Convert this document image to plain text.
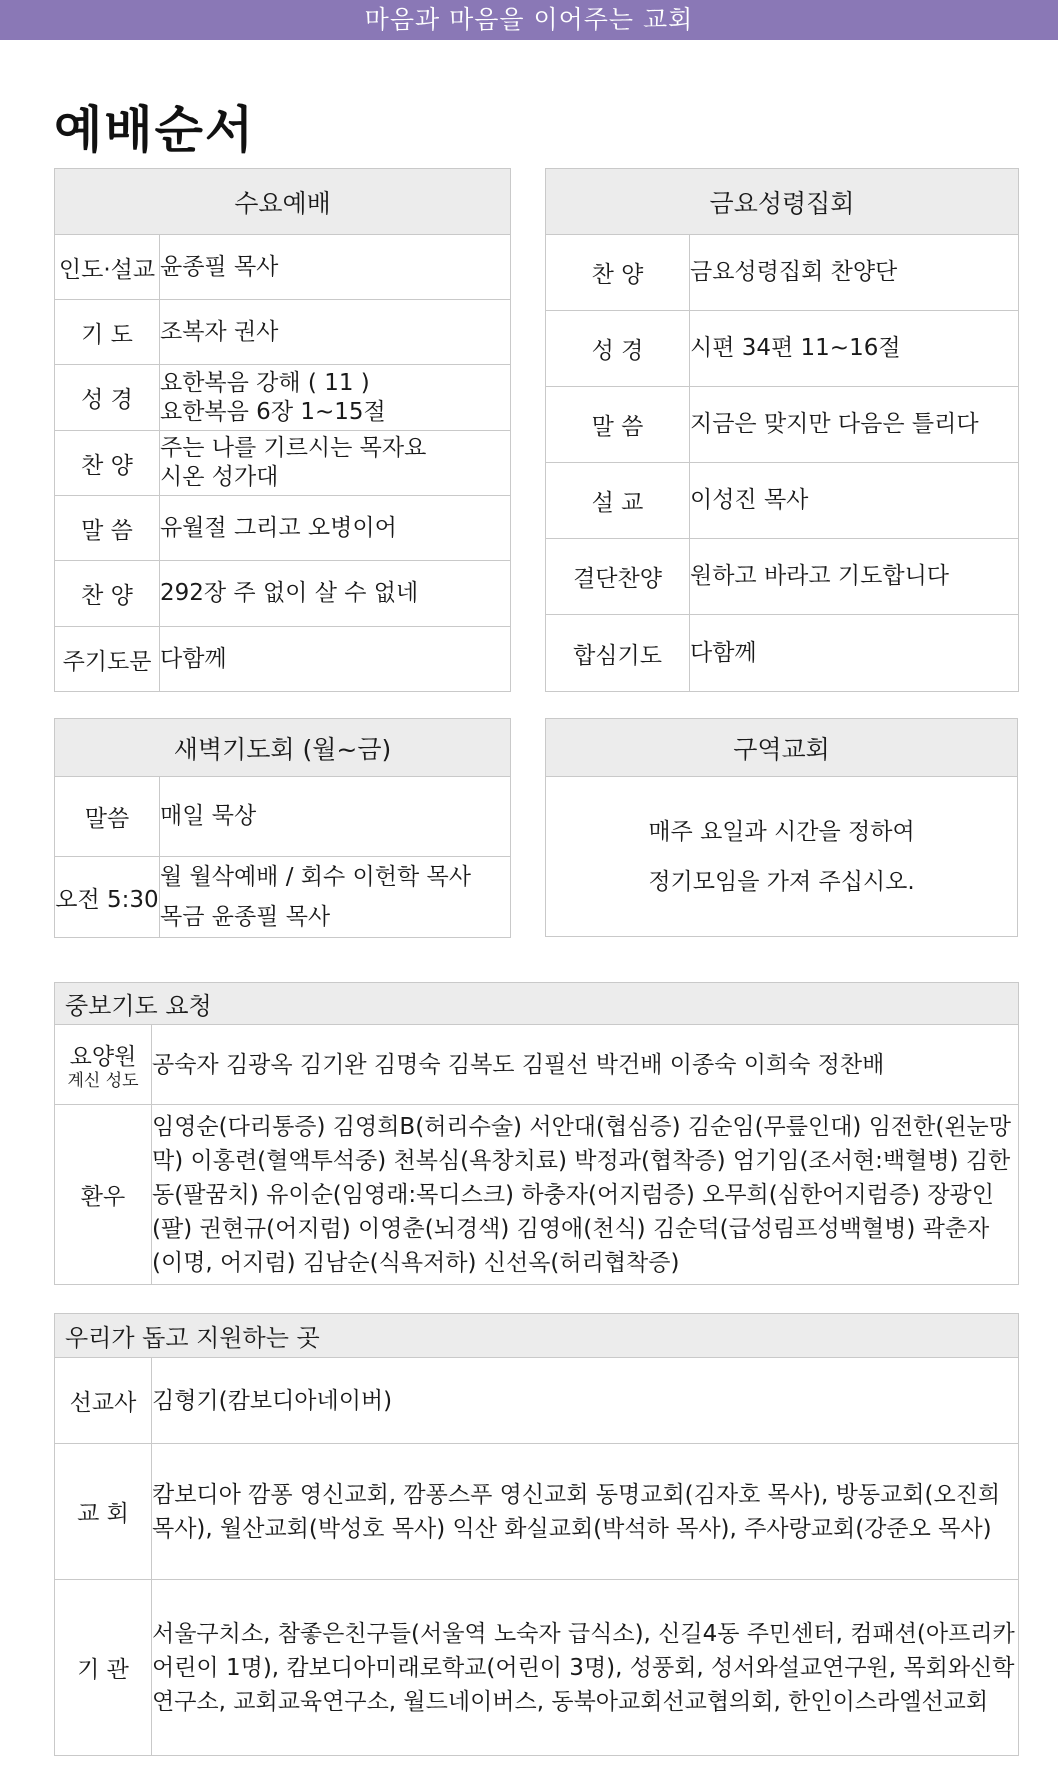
마음과 마음을 이어주는 교회
예배순서
수요예배	
인도·설교	윤종필 목사

기 도	조복자 권사

성 경	요한복음 강해 ( 11 )
요한복음 6장 1~15절

찬 양	주는 나를 기르시는 목자요
시온 성가대

말 씀	유월절 그리고 오병이어

찬 양	292장 주 없이 살 수 없네

주기도문	다함께
금요성령집회	
찬 양	금요성령집회 찬양단
성 경	시편 34편 11~16절
말 씀	지금은 맞지만 다음은 틀리다
설 교	이성진 목사
결단찬양	원하고 바라고 기도합니다
합심기도	다함께
새벽기도회 (월~금)	
말씀	매일 묵상

오전 5:30	월 월삭예배 / 회수 이헌학 목사
목금 윤종필 목사
구역교회

매주 요일과 시간을 정하여
정기모임을 가져 주십시오.
중보기도 요청	
요양원
계신 성도	공숙자 김광옥 김기완 김명숙 김복도 김필선 박건배 이종숙 이희숙 정찬배
환우	임영순(다리통증) 김영희B(허리수술) 서안대(협심증) 김순임(무릎인대) 임전한(왼눈망막) 이홍련(혈액투석중) 천복심(욕창치료) 박정과(협착증) 엄기임(조서현:백혈병) 김한동(팔꿈치) 유이순(임영래:목디스크) 하충자(어지럼증) 오무희(심한어지럼증) 장광인(팔) 권현규(어지럼) 이영춘(뇌경색) 김영애(천식) 김순덕(급성림프성백혈병) 곽춘자(이명, 어지럼) 김남순(식욕저하) 신선옥(허리협착증)
우리가 돕고 지원하는 곳	
선교사	김형기(캄보디아네이버)
교 회	캄보디아 깜퐁 영신교회, 깜퐁스푸 영신교회 동명교회(김자호 목사), 방동교회(오진희 목사), 월산교회(박성호 목사) 익산 화실교회(박석하 목사), 주사랑교회(강준오 목사)
기 관	서울구치소, 참좋은친구들(서울역 노숙자 급식소), 신길4동 주민센터, 컴패션(아프리카어린이 1명), 캄보디아미래로학교(어린이 3명), 성풍회, 성서와설교연구원, 목회와신학연구소, 교회교육연구소, 월드네이버스, 동북아교회선교협의회, 한인이스라엘선교회
